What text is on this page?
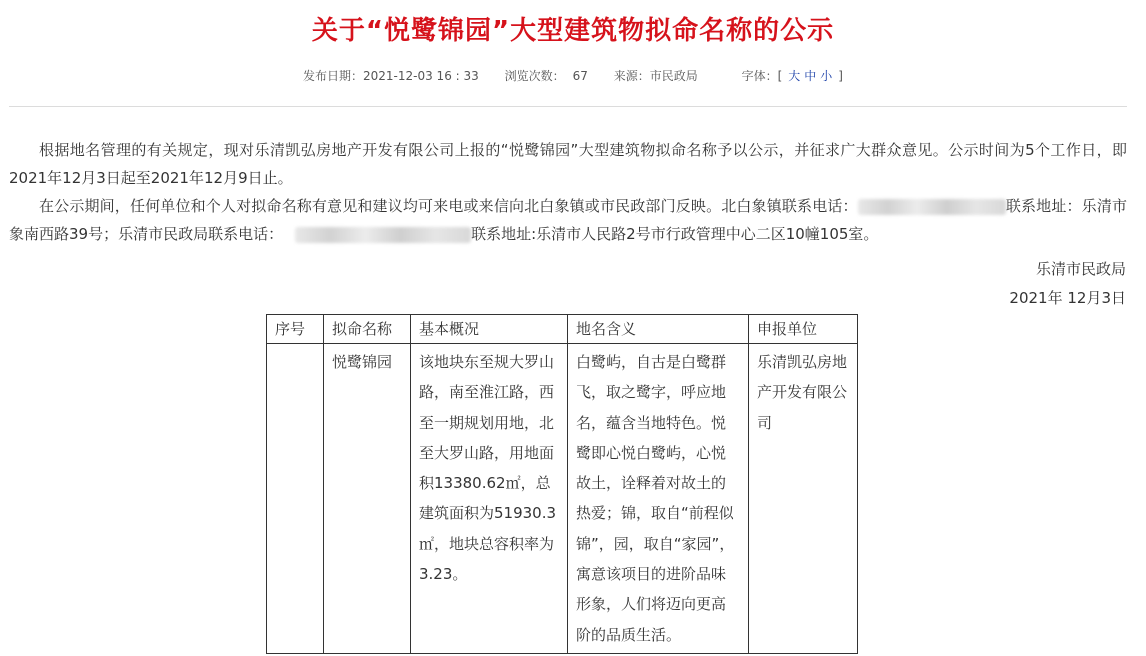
关于“悦鹭锦园”大型建筑物拟命名称的公示
发布日期：2021-12-03 16 : 33 浏览次数： 67 来源：市民政局	字体：[ 大 中 小 ]

根据地名管理的有关规定，现对乐清凯弘房地产开发有限公司上报的“悦鹭锦园”大型建筑物拟命名称予以公示，并征求广大群众意见。公示时间为5个工作日，即2021年12月3日起至2021年12月9日止。

在公示期间，任何单位和个人对拟命名称有意见和建议均可来电或来信向北白象镇或市民政部门反映。北白象镇联系电话：	联系地址：乐清市象南西路39号；乐清市民政局联系电话：	联系地址:乐清市人民路2号市行政管理中心二区10幢105室。

乐清市民政局
2021年 12月3日
序号	拟命名称	基本概况	地名含义	申报单位
	悦鹭锦园	该地块东至规大罗山路，南至淮江路，西至一期规划用地，北至大罗山路，用地面积13380.62㎡，总建筑面积为51930.3㎡，地块总容积率为3.23。	白鹭屿，自古是白鹭群飞，取之鹭字，呼应地名，蕴含当地特色。悦鹭即心悦白鹭屿，心悦故土，诠释着对故土的热爱；锦，取自“前程似锦”，园，取自“家园”，寓意该项目的进阶品味形象，人们将迈向更高阶的品质生活。	乐清凯弘房地产开发有限公司
